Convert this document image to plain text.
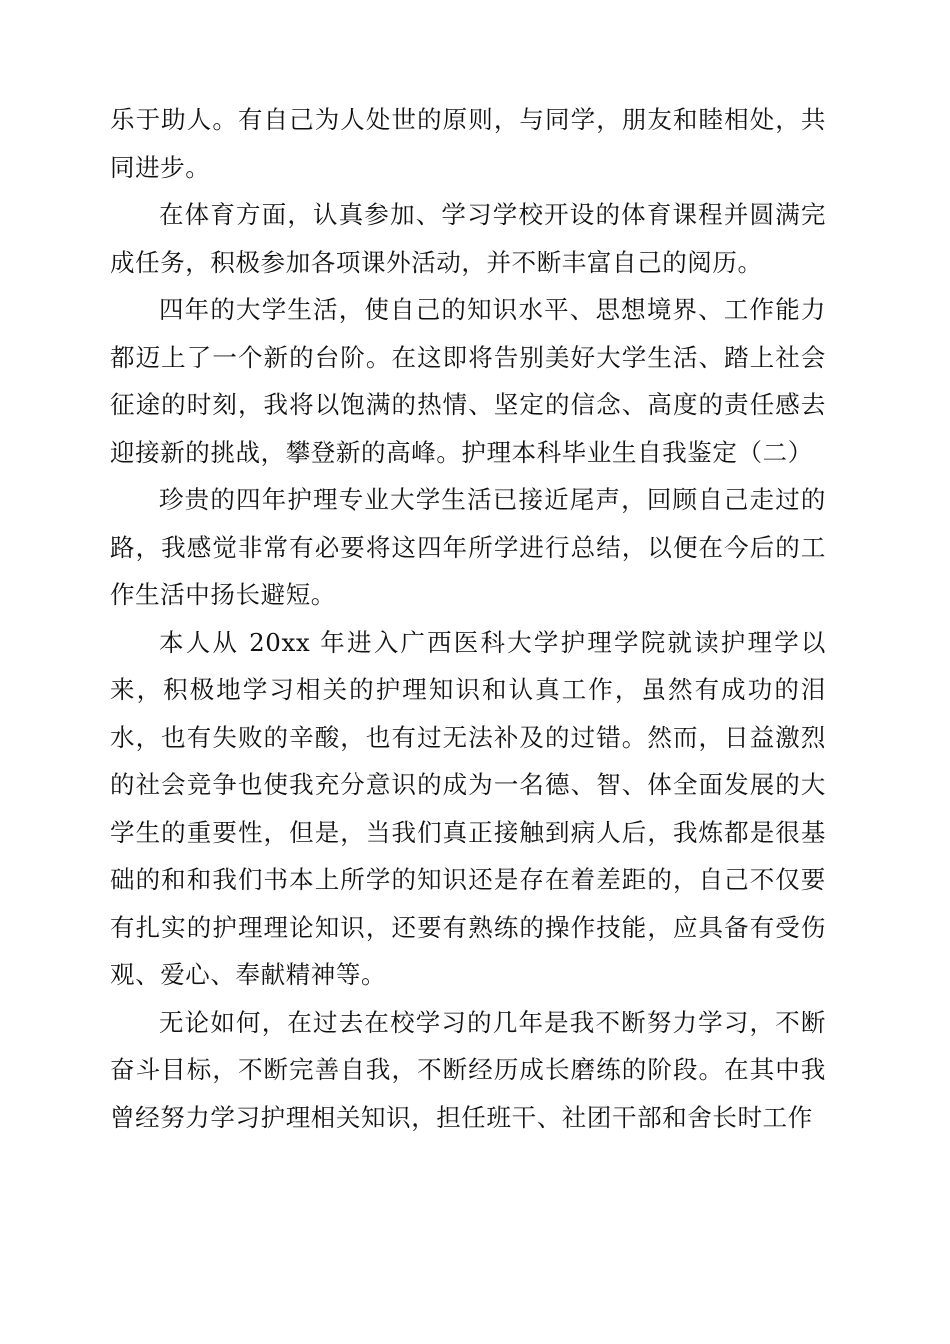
乐于助人。有自己为人处世的原则，与同学，朋友和睦相处，共同进步。

在体育方面，认真参加、学习学校开设的体育课程并圆满完成任务，积极参加各项课外活动，并不断丰富自己的阅历。

四年的大学生活，使自己的知识水平、思想境界、工作能力都迈上了一个新的台阶。在这即将告别美好大学生活、踏上社会征途的时刻，我将以饱满的热情、坚定的信念、高度的责任感去迎接新的挑战，攀登新的高峰。护理本科毕业生自我鉴定（二）

珍贵的四年护理专业大学生活已接近尾声，回顾自己走过的路，我感觉非常有必要将这四年所学进行总结，以便在今后的工作生活中扬长避短。

本人从 20xx 年进入广西医科大学护理学院就读护理学以来，积极地学习相关的护理知识和认真工作，虽然有成功的泪水，也有失败的辛酸，也有过无法补及的过错。然而，日益激烈的社会竞争也使我充分意识的成为一名德、智、体全面发展的大学生的重要性，但是，当我们真正接触到病人后，我炼都是很基础的和和我们书本上所学的知识还是存在着差距的，自己不仅要有扎实的护理理论知识，还要有熟练的操作技能，应具备有受伤观、爱心、奉献精神等。

无论如何，在过去在校学习的几年是我不断努力学习，不断奋斗目标，不断完善自我，不断经历成长磨练的阶段。在其中我曾经努力学习护理相关知识，担任班干、社团干部和舍长时工作
